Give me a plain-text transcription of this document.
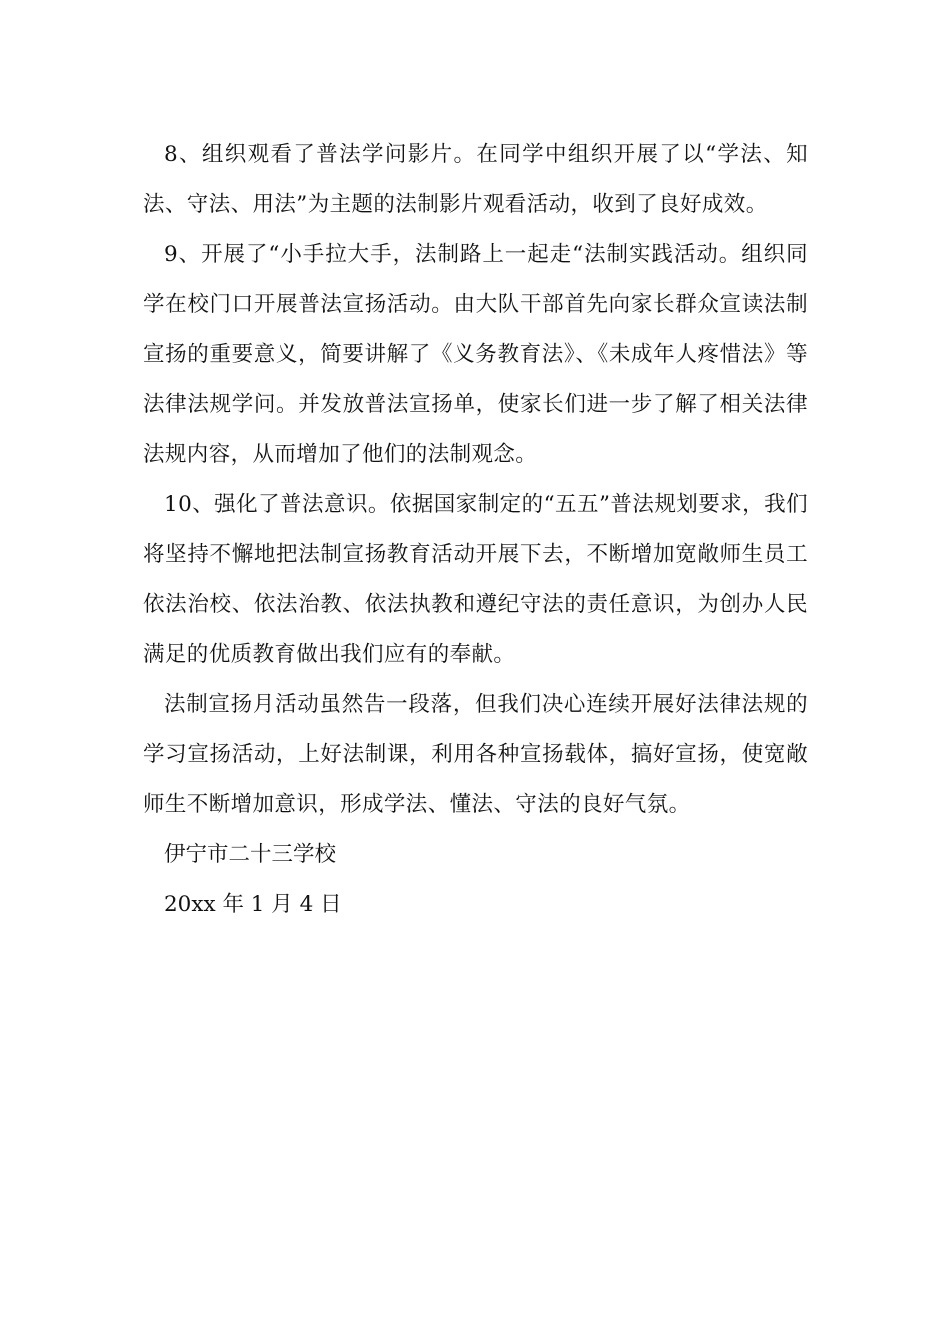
8、组织观看了普法学问影片。在同学中组织开展了以“学法、知法、守法、用法”为主题的法制影片观看活动，收到了良好成效。

9、开展了“小手拉大手，法制路上一起走“法制实践活动。组织同学在校门口开展普法宣扬活动。由大队干部首先向家长群众宣读法制宣扬的重要意义，简要讲解了《义务教育法》、《未成年人疼惜法》等法律法规学问。并发放普法宣扬单，使家长们进一步了解了相关法律法规内容，从而增加了他们的法制观念。

10、强化了普法意识。依据国家制定的“五五”普法规划要求，我们将坚持不懈地把法制宣扬教育活动开展下去，不断增加宽敞师生员工依法治校、依法治教、依法执教和遵纪守法的责任意识，为创办人民满足的优质教育做出我们应有的奉献。

法制宣扬月活动虽然告一段落，但我们决心连续开展好法律法规的学习宣扬活动，上好法制课，利用各种宣扬载体，搞好宣扬，使宽敞师生不断增加意识，形成学法、懂法、守法的良好气氛。

伊宁市二十三学校

20xx 年 1 月 4 日
